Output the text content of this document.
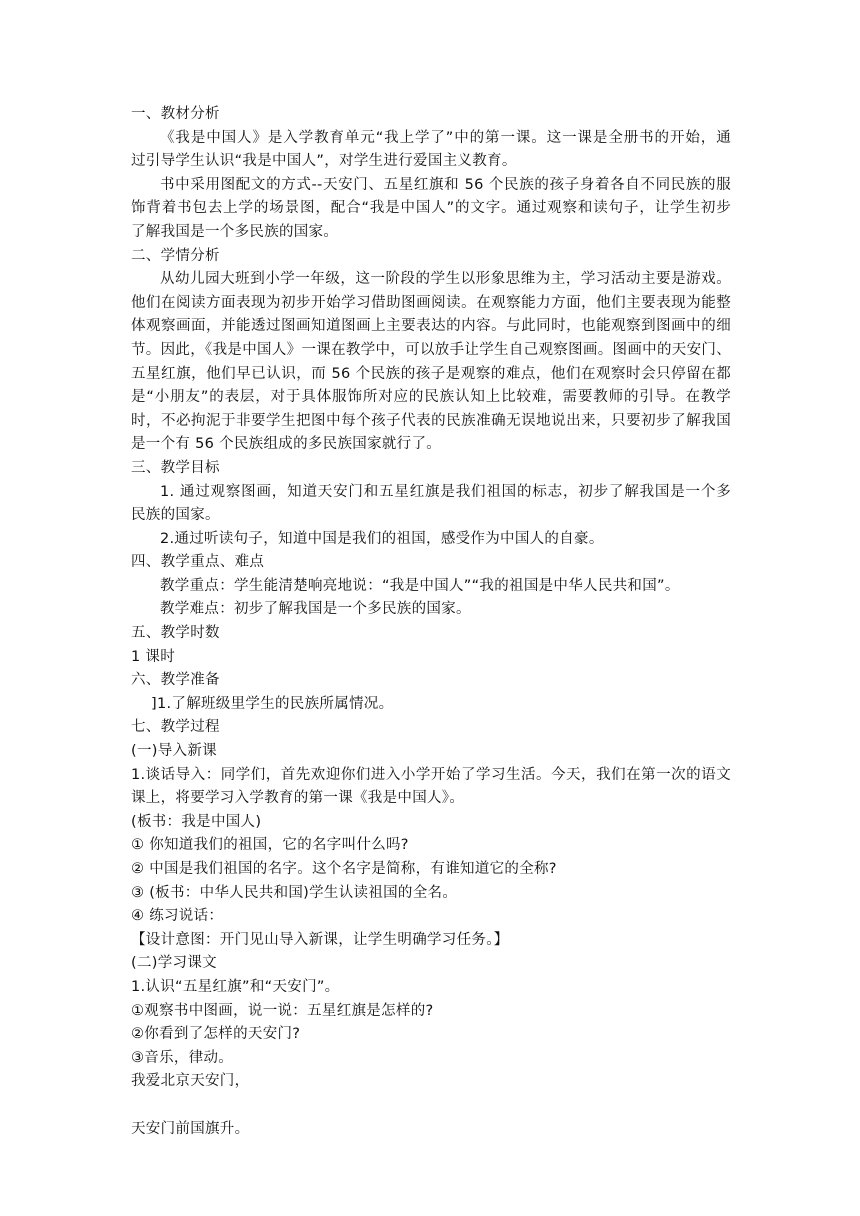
一、教材分析
《我是中国人》是入学教育单元“我上学了”中的第一课。这一课是全册书的开始，通
过引导学生认识“我是中国人”，对学生进行爱国主义教育。
书中采用图配文的方式--天安门、五星红旗和 56 个民族的孩子身着各自不同民族的服
饰背着书包去上学的场景图，配合“我是中国人”的文字。通过观察和读句子，让学生初步
了解我国是一个多民族的国家。
二、学情分析
从幼儿园大班到小学一年级，这一阶段的学生以形象思维为主，学习活动主要是游戏。
他们在阅读方面表现为初步开始学习借助图画阅读。在观察能力方面，他们主要表现为能整
体观察画面，并能透过图画知道图画上主要表达的内容。与此同时，也能观察到图画中的细
节。因此，《我是中国人》一课在教学中，可以放手让学生自己观察图画。图画中的天安门、
五星红旗，他们早已认识，而 56 个民族的孩子是观察的难点，他们在观察时会只停留在都
是“小朋友”的表层，对于具体服饰所对应的民族认知上比较难，需要教师的引导。在教学
时，不必拘泥于非要学生把图中每个孩子代表的民族准确无误地说出来，只要初步了解我国
是一个有 56 个民族组成的多民族国家就行了。
三、教学目标
1. 通过观察图画，知道天安门和五星红旗是我们祖国的标志，初步了解我国是一个多
民族的国家。
2.通过听读句子，知道中国是我们的祖国，感受作为中国人的自豪。
四、教学重点、难点
教学重点：学生能清楚响亮地说：“我是中国人”“我的祖国是中华人民共和国”。
教学难点：初步了解我国是一个多民族的国家。
五、教学时数
1 课时
六、教学准备
]1.了解班级里学生的民族所属情况。
七、教学过程
(一)导入新课
1.谈话导入：同学们，首先欢迎你们进入小学开始了学习生活。今天，我们在第一次的语文
课上，将要学习入学教育的第一课《我是中国人》。
(板书：我是中国人)
① 你知道我们的祖国，它的名字叫什么吗?
② 中国是我们祖国的名字。这个名字是简称，有谁知道它的全称?
③ (板书：中华人民共和国)学生认读祖国的全名。
④ 练习说话：
【设计意图：开门见山导入新课，让学生明确学习任务。】
(二)学习课文
1.认识“五星红旗”和“天安门”。
①观察书中图画，说一说：五星红旗是怎样的?
②你看到了怎样的天安门?
③音乐，律动。
我爱北京天安门，
天安门前国旗升。
